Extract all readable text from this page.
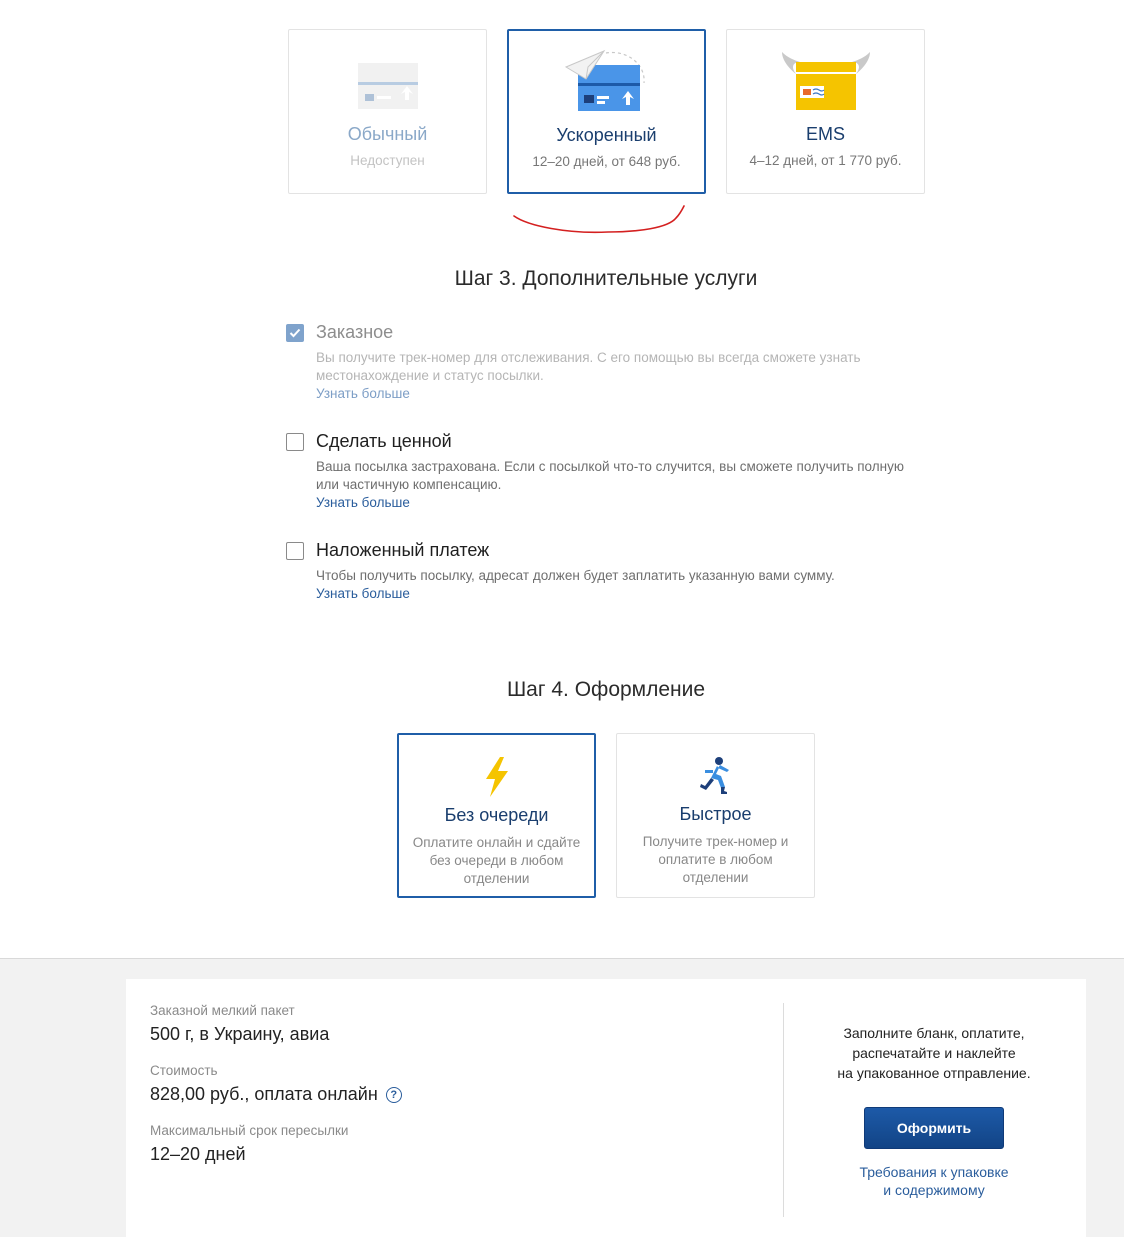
Обычный
Недоступен
Ускоренный
12–20 дней, от 648 руб.
EMS
4–12 дней, от 1 770 руб.
Шаг 3. Дополнительные услуги
Заказное
Вы получите трек-номер для отслеживания. С его помощью вы всегда сможете узнать местонахождение и статус посылки.
Узнать больше
Сделать ценной
Ваша посылка застрахована. Если с посылкой что-то случится, вы сможете получить полную или частичную компенсацию.
Узнать больше
Наложенный платеж
Чтобы получить посылку, адресат должен будет заплатить указанную вами сумму.
Узнать больше
Шаг 4. Оформление
Без очереди
Оплатите онлайн и сдайте без очереди в любом отделении
Быстрое
Получите трек-номер и оплатите в любом отделении
Заказной мелкий пакет
500 г, в Украину, авиа
Стоимость
828,00 руб., оплата онлайн	?
Максимальный срок пересылки
12–20 дней
Заполните бланк, оплатите,
распечатайте и наклейте
на упакованное отправление.
Оформить
Требования к упаковке
и содержимому
